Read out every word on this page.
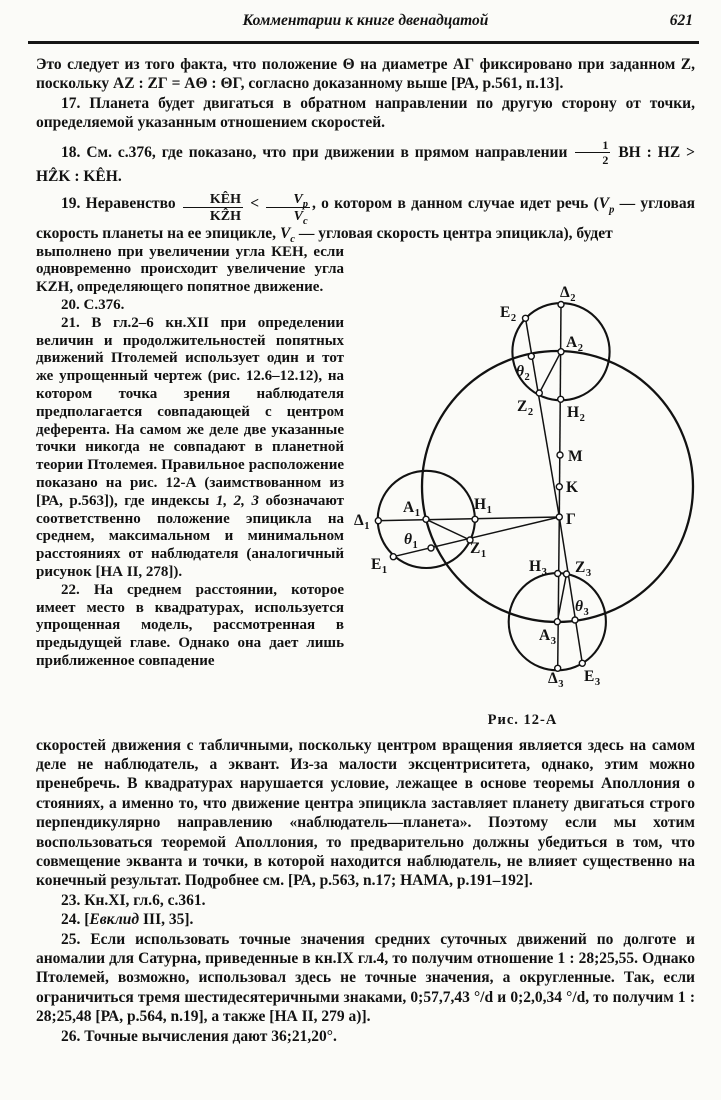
Комментарии к книге двенадцатой	621

Это следует из того факта, что положение Θ на диаметре АГ фиксировано при заданном Z, поскольку AZ : ZГ = АΘ : ΘГ, согласно доказанному выше [РА, p.561, п.13].

17. Планета будет двигаться в обратном направлении по другую сторону от точки, определяемой указанным отношением скоростей.

18. См. с.376, где показано, что при движении в прямом направлении $\frac{1}{2}$ BH : HZ > HẐK : KÊH.

19. Неравенство $\frac{\text{KÊH}}{\text{KẐH}} < \frac{V_p}{V_c}$ , о котором в данном случае идет речь ($V_p$ — угловая скорость планеты на ее эпицикле, $V_c$ — угловая скорость центра эпицикла), будет

$\Delta_2$
$E_2$
$A_2$
$\theta_2$
$Z_2$ $H_2$
M
K
Γ
$A_1$
$H_1$
$\Delta_1$
$\theta_1$	$Z_1$
$E_1$	$H_3$ $Z_3$
$\theta_3$
$A_3$
$\Delta_3$ $E_3$
Рис. 12-А

выполнено при увеличении угла КЕН, если одновременно происходит увеличение угла KZH, определяющего попятное движение.

20. С.376.

21. В гл.2–6 кн.XII при определении величин и продолжительностей попятных движений Птолемей использует один и тот же упрощенный чертеж (рис. 12.6–12.12), на котором точка зрения наблюдателя предполагается совпадающей с центром деферента. На самом же деле две указанные точки никогда не совпадают в планетной теории Птолемея. Правильное расположение показано на рис. 12-А (заимствованном из [РА, p.563]), где индексы 1, 2, 3 обозначают соответственно положение эпицикла на среднем, максимальном и минимальном расстояниях от наблюдателя (аналогичный рисунок [НА II, 278]).

22. На среднем расстоянии, которое имеет место в квадратурах, используется упрощенная модель, рассмотренная в предыдущей главе. Однако она дает лишь приближенное совпадение

скоростей движения с табличными, поскольку центром вращения является здесь на самом деле не наблюдатель, а эквант. Из-за малости эксцентриситета, однако, этим можно пренебречь. В квадратурах нарушается условие, лежащее в основе теоремы Аполлония о стояниях, а именно то, что движение центра эпицикла заставляет планету двигаться строго перпендикулярно направлению «наблюдатель—планета». Поэтому если мы хотим воспользоваться теоремой Аполлония, то предварительно должны убедиться в том, что совмещение экванта и точки, в которой находится наблюдатель, не влияет существенно на конечный результат. Подробнее см. [РА, p.563, n.17; НАМА, p.191–192].

23. Кн.XI, гл.6, с.361.

24. [Евклид III, 35].

25. Если использовать точные значения средних суточных движений по долготе и аномалии для Сатурна, приведенные в кн.IX гл.4, то получим отношение 1 : 28;25,55. Однако Птолемей, возможно, использовал здесь не точные значения, а округленные. Так, если ограничиться тремя шестидесятеричными знаками, 0;57,7,43 °/d и 0;2,0,34 °/d, то получим 1 : 28;25,48 [РА, p.564, n.19], а также [НА II, 279 а)].

26. Точные вычисления дают 36;21,20°.
